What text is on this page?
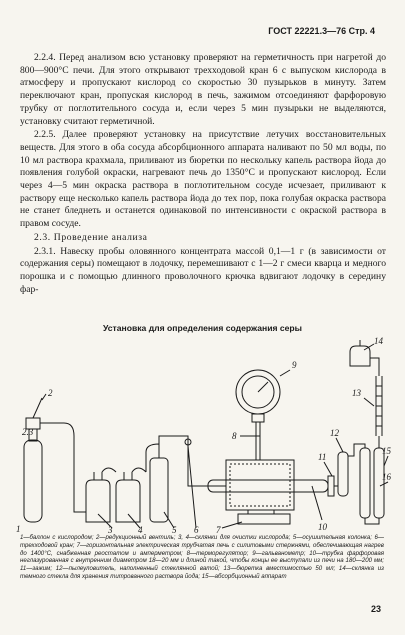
ГОСТ 22221.3—76 Стр. 4

2.2.4. Перед анализом всю установку проверяют на герметичность при нагретой до 800—900°С печи. Для этого открывают трехходовой кран 6 с выпуском кислорода в атмосферу и пропускают кислород со скоростью 30 пузырьков в минуту. Затем переключают кран, пропуская кислород в печь, зажимом отсоединяют фарфоровую трубку от поглотительного сосуда и, если через 5 мин пузырьки не выделяются, установку считают герметичной.

2.2.5. Далее проверяют установку на присутствие летучих восстановительных веществ. Для этого в оба сосуда абсорбционного аппарата наливают по 50 мл воды, по 10 мл раствора крахмала, приливают из бюретки по нескольку капель раствора йода до появления голубой окраски, нагревают печь до 1350°С и пропускают кислород. Если через 4—5 мин окраска раствора в поглотительном сосуде исчезает, приливают к раствору еще несколько капель раствора йода до тех пор, пока голубая окраска раствора не станет бледнеть и останется одинаковой по интенсивности с окраской раствора в правом сосуде.

2.3. Проведение анализа

2.3.1. Навеску пробы оловянного концентрата массой 0,1—1 г (в зависимости от содержания серы) помещают в лодочку, перемешивают с 1—2 г смеси кварца и медного порошка и с помощью длинного проволочного крючка вдвигают лодочку в середину фар-

Установка для определения содержания серы
2
2.3
3	4	5 6 7
8
9
10
11
12
13
14
15
16
1
1—баллон с кислородом; 2—редукционный вентиль; 3, 4—склянки для очистки кислорода; 5—осушительная колонка; 6—трехходовой кран; 7—горизонтальная электрическая трубчатая печь с силитовыми стержнями, обеспечивающая нагрев до 1400°С, снабженная реостатом и амперметром; 8—терморегулятор; 9—гальванометр; 10—трубка фарфоровая неглазурованная с внутренним диаметром 18—20 мм и длиной такой, чтобы концы ее выступали из печи на 180—200 мм; 11—зажим; 12—пылеуловитель, наполненный стеклянной ватой; 13—бюретка вместимостью 50 мл; 14—склянка из темного стекла для хранения титрованного раствора йода; 15—абсорбционный аппарат
23
